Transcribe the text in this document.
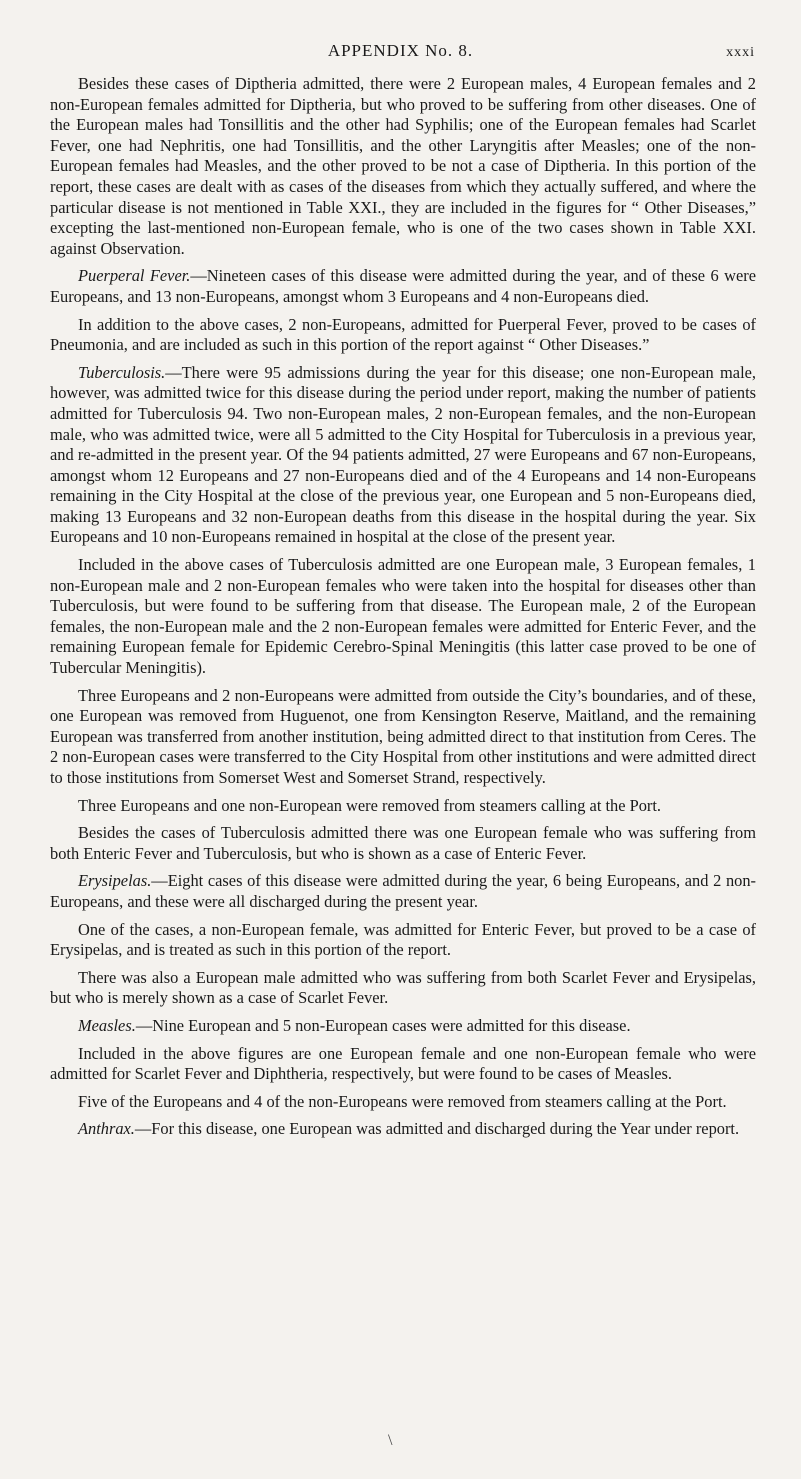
APPENDIX No. 8.	xxxi

Besides these cases of Diptheria admitted, there were 2 European males, 4 European females and 2 non-European females admitted for Diptheria, but who proved to be suffering from other diseases. One of the European males had Tonsillitis and the other had Syphilis; one of the European females had Scarlet Fever, one had Nephritis, one had Tonsillitis, and the other Laryngitis after Measles; one of the non-European females had Measles, and the other proved to be not a case of Diptheria. In this portion of the report, these cases are dealt with as cases of the diseases from which they actually suffered, and where the particular disease is not mentioned in Table XXI., they are included in the figures for “ Other Diseases,” excepting the last-mentioned non-European female, who is one of the two cases shown in Table XXI. against Observation.

Puerperal Fever.—Nineteen cases of this disease were admitted during the year, and of these 6 were Europeans, and 13 non-Europeans, amongst whom 3 Europeans and 4 non-Europeans died.

In addition to the above cases, 2 non-Europeans, admitted for Puerperal Fever, proved to be cases of Pneumonia, and are included as such in this portion of the report against “ Other Diseases.”

Tuberculosis.—There were 95 admissions during the year for this disease; one non-European male, however, was admitted twice for this disease during the period under report, making the number of patients admitted for Tuberculosis 94. Two non-European males, 2 non-European females, and the non-European male, who was admitted twice, were all 5 admitted to the City Hospital for Tuberculosis in a previous year, and re-admitted in the present year. Of the 94 patients admitted, 27 were Europeans and 67 non-Europeans, amongst whom 12 Europeans and 27 non-Europeans died and of the 4 Europeans and 14 non-Europeans remaining in the City Hospital at the close of the previous year, one European and 5 non-Europeans died, making 13 Europeans and 32 non-European deaths from this disease in the hospital during the year. Six Europeans and 10 non-Europeans remained in hospital at the close of the present year.

Included in the above cases of Tuberculosis admitted are one European male, 3 European females, 1 non-European male and 2 non-European females who were taken into the hospital for diseases other than Tuberculosis, but were found to be suffering from that disease. The European male, 2 of the European females, the non-European male and the 2 non-European females were admitted for Enteric Fever, and the remaining European female for Epidemic Cerebro-Spinal Meningitis (this latter case proved to be one of Tubercular Meningitis).

Three Europeans and 2 non-Europeans were admitted from outside the City’s boundaries, and of these, one European was removed from Huguenot, one from Kensington Reserve, Maitland, and the remaining European was transferred from another institution, being admitted direct to that institution from Ceres. The 2 non-European cases were transferred to the City Hospital from other institutions and were admitted direct to those institutions from Somerset West and Somerset Strand, respectively.

Three Europeans and one non-European were removed from steamers calling at the Port.

Besides the cases of Tuberculosis admitted there was one European female who was suffering from both Enteric Fever and Tuberculosis, but who is shown as a case of Enteric Fever.

Erysipelas.—Eight cases of this disease were admitted during the year, 6 being Europeans, and 2 non-Europeans, and these were all discharged during the present year.

One of the cases, a non-European female, was admitted for Enteric Fever, but proved to be a case of Erysipelas, and is treated as such in this portion of the report.

There was also a European male admitted who was suffering from both Scarlet Fever and Erysipelas, but who is merely shown as a case of Scarlet Fever.

Measles.—Nine European and 5 non-European cases were admitted for this disease.

Included in the above figures are one European female and one non-European female who were admitted for Scarlet Fever and Diphtheria, respectively, but were found to be cases of Measles.

Five of the Europeans and 4 of the non-Europeans were removed from steamers calling at the Port.

Anthrax.—For this disease, one European was admitted and discharged during the Year under report.

\
